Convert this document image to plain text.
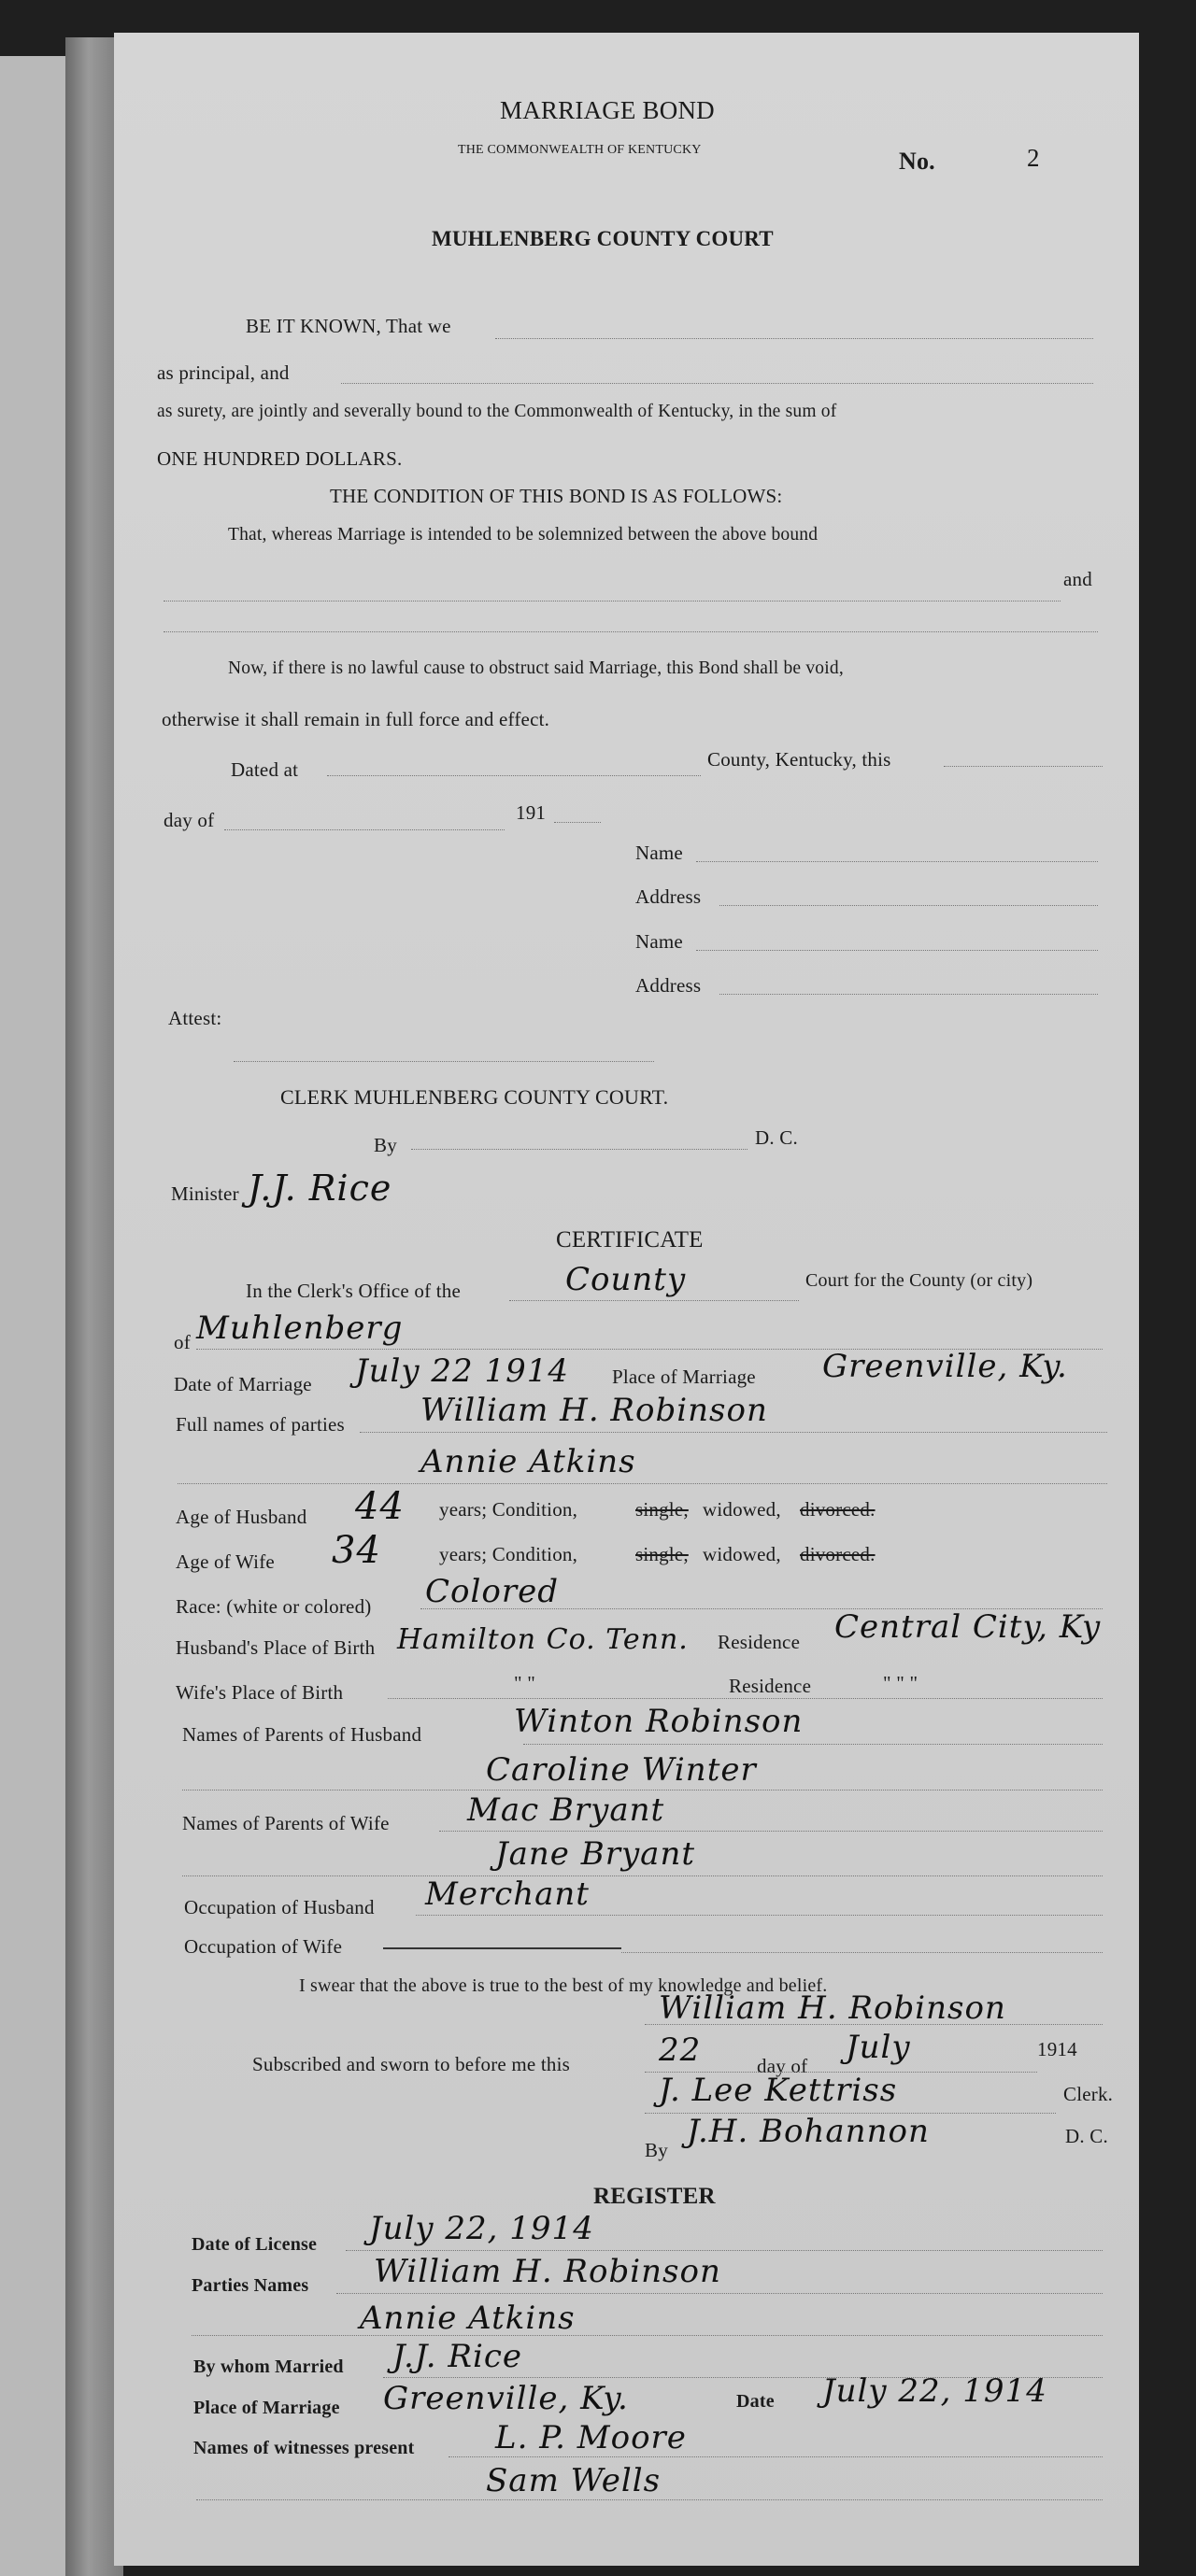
MARRIAGE BOND
THE COMMONWEALTH OF KENTUCKY	No.	2
MUHLENBERG COUNTY COURT
BE IT KNOWN, That we
as principal, and
as surety, are jointly and severally bound to the Commonwealth of Kentucky, in the sum of
ONE HUNDRED DOLLARS.
THE CONDITION OF THIS BOND IS AS FOLLOWS:
That, whereas Marriage is intended to be solemnized between the above bound
and
Now, if there is no lawful cause to obstruct said Marriage, this Bond shall be void,
otherwise it shall remain in full force and effect.
Dated at	County, Kentucky, this
day of	191
Name
Address
Name
Address
Attest:
CLERK MUHLENBERG COUNTY COURT.
By	D. C.
Minister J.J. Rice
CERTIFICATE
In the Clerk's Office of the	County	Court for the County (or city)
of Muhlenberg
Date of Marriage July 22 1914 Place of Marriage Greenville, Ky.
Full names of parties William H. Robinson
Annie Atkins
Age of Husband 44 years; Condition,	single, widowed, divorced.
Age of Wife 34	years; Condition,	single, widowed, divorced.
Race: (white or colored) Colored
Husband's Place of Birth Hamilton Co. Tenn. Residence Central City, Ky
Wife's Place of Birth	" "	Residence	" " "
Names of Parents of Husband	Winton Robinson
Caroline Winter
Names of Parents of Wife Mac Bryant
Jane Bryant
Occupation of Husband Merchant
Occupation of Wife
I swear that the above is true to the best of my knowledge and belief.
William H. Robinson
Subscribed and sworn to before me this	22	day of July	1914
J. Lee Kettriss	Clerk.
By J.H. Bohannon	D. C.
REGISTER
Date of License July 22, 1914
Parties Names William H. Robinson
Annie Atkins
By whom Married J.J. Rice
Place of Marriage Greenville, Ky.	Date July 22, 1914
Names of witnesses present	L. P. Moore
Sam Wells
